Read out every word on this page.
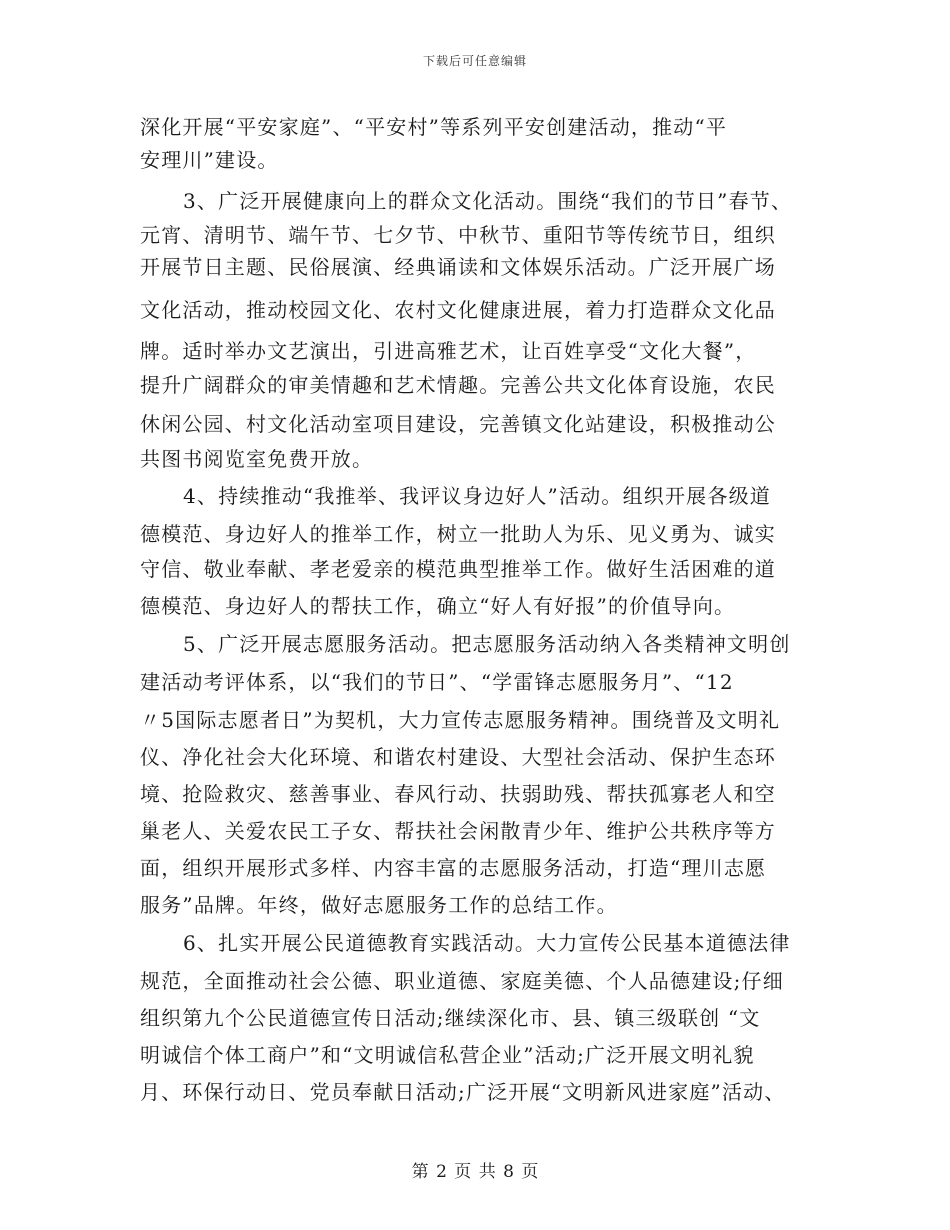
下载后可任意编辑
深化开展“平安家庭”、“平安村”等系列平安创建活动，推动“平
安理川”建设。
3、广泛开展健康向上的群众文化活动。围绕“我们的节日”春节、
元宵、清明节、端午节、七夕节、中秋节、重阳节等传统节日，组织
开展节日主题、民俗展演、经典诵读和文体娱乐活动。广泛开展广场
文化活动，推动校园文化、农村文化健康进展，着力打造群众文化品
牌。适时举办文艺演出，引进高雅艺术，让百姓享受“文化大餐”，
提升广阔群众的审美情趣和艺术情趣。完善公共文化体育设施，农民
休闲公园、村文化活动室项目建设，完善镇文化站建设，积极推动公
共图书阅览室免费开放。
4、持续推动“我推举、我评议身边好人”活动。组织开展各级道
德模范、身边好人的推举工作，树立一批助人为乐、见义勇为、诚实
守信、敬业奉献、孝老爱亲的模范典型推举工作。做好生活困难的道
德模范、身边好人的帮扶工作，确立“好人有好报”的价值导向。
5、广泛开展志愿服务活动。把志愿服务活动纳入各类精神文明创
建活动考评体系，以“我们的节日”、“学雷锋志愿服务月”、“12
〃5国际志愿者日”为契机，大力宣传志愿服务精神。围绕普及文明礼
仪、净化社会大化环境、和谐农村建设、大型社会活动、保护生态环
境、抢险救灾、慈善事业、春风行动、扶弱助残、帮扶孤寡老人和空
巢老人、关爱农民工子女、帮扶社会闲散青少年、维护公共秩序等方
面，组织开展形式多样、内容丰富的志愿服务活动，打造“理川志愿
服务”品牌。年终，做好志愿服务工作的总结工作。
6、扎实开展公民道德教育实践活动。大力宣传公民基本道德法律
规范，全面推动社会公德、职业道德、家庭美德、个人品德建设;仔细
组织第九个公民道德宣传日活动;继续深化市、县、镇三级联创 “文
明诚信个体工商户”和“文明诚信私营企业”活动;广泛开展文明礼貌
月、环保行动日、党员奉献日活动;广泛开展“文明新风进家庭”活动、
第 2 页 共 8 页
